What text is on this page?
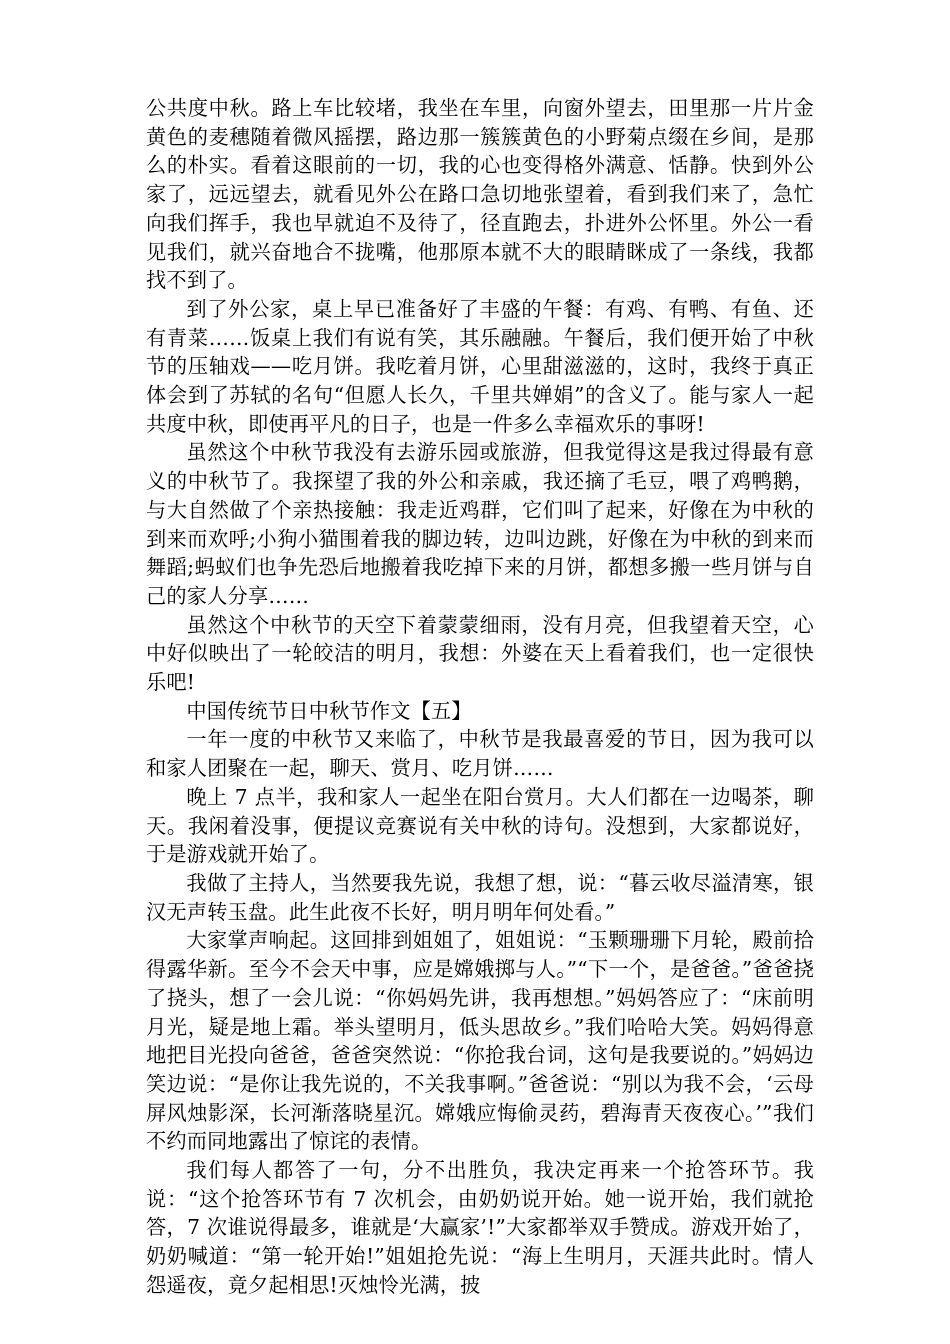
公共度中秋。路上车比较堵，我坐在车里，向窗外望去，田里那一片片金黄色的麦穗随着微风摇摆，路边那一簇簇黄色的小野菊点缀在乡间，是那么的朴实。看着这眼前的一切，我的心也变得格外满意、恬静。快到外公家了，远远望去，就看见外公在路口急切地张望着，看到我们来了，急忙向我们挥手，我也早就迫不及待了，径直跑去，扑进外公怀里。外公一看见我们，就兴奋地合不拢嘴，他那原本就不大的眼睛眯成了一条线，我都找不到了。

到了外公家，桌上早已准备好了丰盛的午餐：有鸡、有鸭、有鱼、还有青菜……饭桌上我们有说有笑，其乐融融。午餐后，我们便开始了中秋节的压轴戏——吃月饼。我吃着月饼，心里甜滋滋的，这时，我终于真正体会到了苏轼的名句“但愿人长久，千里共婵娟”的含义了。能与家人一起共度中秋，即使再平凡的日子，也是一件多么幸福欢乐的事呀!

虽然这个中秋节我没有去游乐园或旅游，但我觉得这是我过得最有意义的中秋节了。我探望了我的外公和亲戚，我还摘了毛豆，喂了鸡鸭鹅，与大自然做了个亲热接触：我走近鸡群，它们叫了起来，好像在为中秋的到来而欢呼;小狗小猫围着我的脚边转，边叫边跳，好像在为中秋的到来而舞蹈;蚂蚁们也争先恐后地搬着我吃掉下来的月饼，都想多搬一些月饼与自己的家人分享……

虽然这个中秋节的天空下着蒙蒙细雨，没有月亮，但我望着天空，心中好似映出了一轮皎洁的明月，我想：外婆在天上看着我们，也一定很快乐吧!

中国传统节日中秋节作文【五】

一年一度的中秋节又来临了，中秋节是我最喜爱的节日，因为我可以和家人团聚在一起，聊天、赏月、吃月饼……

晚上 7 点半，我和家人一起坐在阳台赏月。大人们都在一边喝茶，聊天。我闲着没事，便提议竞赛说有关中秋的诗句。没想到，大家都说好，于是游戏就开始了。

我做了主持人，当然要我先说，我想了想，说：“暮云收尽溢清寒，银汉无声转玉盘。此生此夜不长好，明月明年何处看。”

大家掌声响起。这回排到姐姐了，姐姐说：“玉颗珊珊下月轮，殿前拾得露华新。至今不会天中事，应是嫦娥掷与人。”“下一个，是爸爸。”爸爸挠了挠头，想了一会儿说：“你妈妈先讲，我再想想。”妈妈答应了：“床前明月光，疑是地上霜。举头望明月，低头思故乡。”我们哈哈大笑。妈妈得意地把目光投向爸爸，爸爸突然说：“你抢我台词，这句是我要说的。”妈妈边笑边说：“是你让我先说的，不关我事啊。”爸爸说：“别以为我不会，‘云母屏风烛影深，长河渐落晓星沉。嫦娥应悔偷灵药，碧海青天夜夜心。’”我们不约而同地露出了惊诧的表情。

我们每人都答了一句，分不出胜负，我决定再来一个抢答环节。我说：“这个抢答环节有 7 次机会，由奶奶说开始。她一说开始，我们就抢答，7 次谁说得最多，谁就是‘大赢家’!”大家都举双手赞成。游戏开始了，奶奶喊道：“第一轮开始!”姐姐抢先说：“海上生明月，天涯共此时。情人怨遥夜，竟夕起相思!灭烛怜光满，披
